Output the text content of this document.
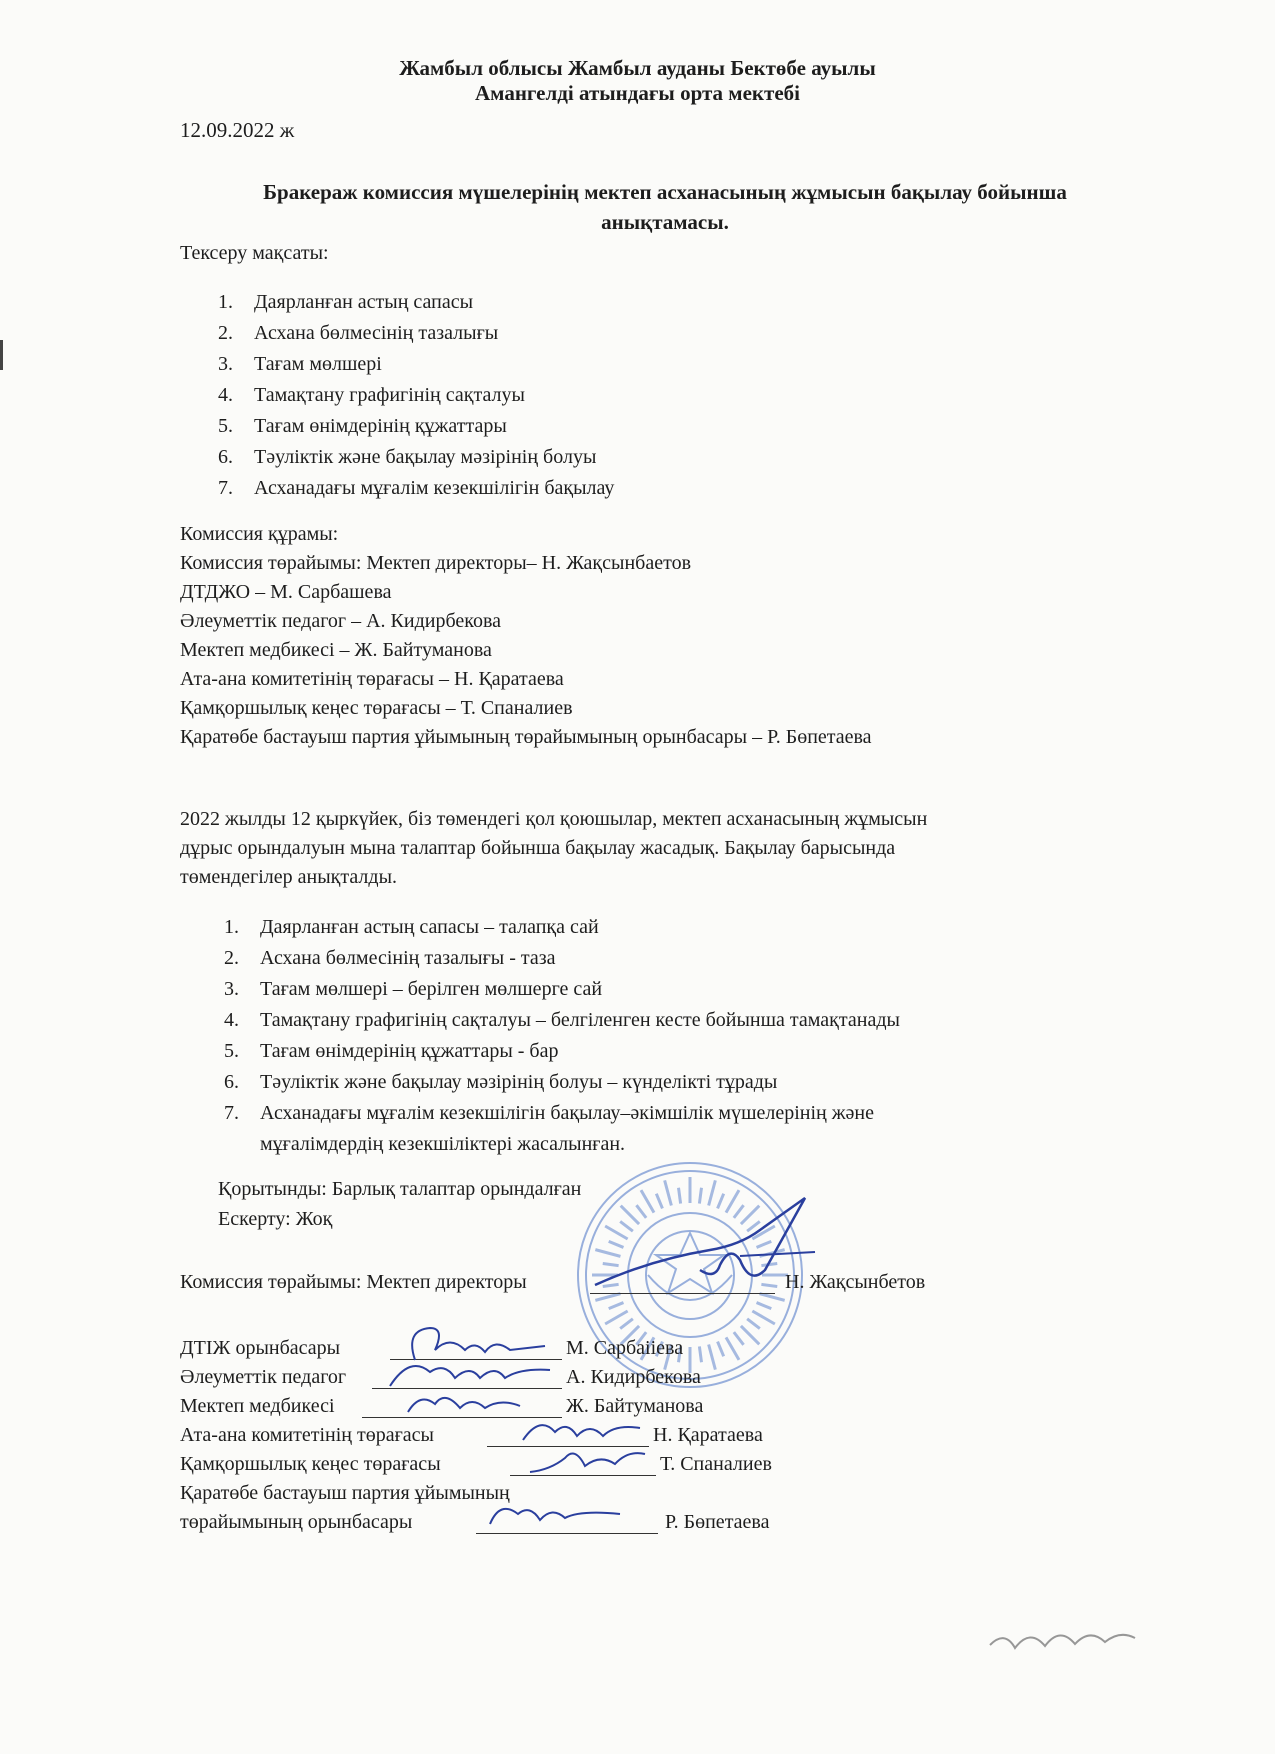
Жамбыл облысы Жамбыл ауданы Бектөбе ауылы
Амангелді атындағы орта мектебі
12.09.2022 ж
Бракераж комиссия мүшелерінің мектеп асханасының жұмысын бақылау бойынша
анықтамасы.
Тексеру мақсаты:
1. Даярланған астың сапасы
2. Асхана бөлмесінің тазалығы
3. Тағам мөлшері
4. Тамақтану графигінің сақталуы
5. Тағам өнімдерінің құжаттары
6. Тәуліктік және бақылау мәзірінің болуы
7. Асханадағы мұғалім кезекшілігін бақылау
Комиссия құрамы:
Комиссия төрайымы: Мектеп директоры– Н. Жақсынбаетов
ДТДЖО – М. Сарбашева
Әлеуметтік педагог – А. Кидирбекова
Мектеп медбикесі – Ж. Байтуманова
Ата-ана комитетінің төрағасы – Н. Қаратаева
Қамқоршылық кеңес төрағасы – Т. Спаналиев
Қаратөбе бастауыш партия ұйымының төрайымының орынбасары – Р. Бөпетаева
2022 жылды 12 қыркүйек, біз төмендегі қол қоюшылар, мектеп асханасының жұмысын
дұрыс орындалуын мына талаптар бойынша бақылау жасадық. Бақылау барысында
төмендегілер анықталды.
1. Даярланған астың сапасы – талапқа сай
2. Асхана бөлмесінің тазалығы - таза
3. Тағам мөлшері – берілген мөлшерге сай
4. Тамақтану графигінің сақталуы – белгіленген кесте бойынша тамақтанады
5. Тағам өнімдерінің құжаттары - бар
6. Тәуліктік және бақылау мәзірінің болуы – күнделікті тұрады
7. Асханадағы мұғалім кезекшілігін бақылау–әкімшілік мүшелерінің және
мұғалімдердің кезекшіліктері жасалынған.
Қорытынды: Барлық талаптар орындалған
Ескерту: Жоқ
Комиссия төрайымы: Мектеп директоры	Н. Жақсынбетов
ДТІЖ орынбасары	М. Сарбаііева
Әлеуметтік педагог	А. Кидирбекова
Мектеп медбикесі	Ж. Байтуманова
Ата-ана комитетінің төрағасы	Н. Қаратаева
Қамқоршылық кеңес төрағасы	Т. Спаналиев
Қаратөбе бастауыш партия ұйымының
төрайымының орынбасары	Р. Бөпетаева
